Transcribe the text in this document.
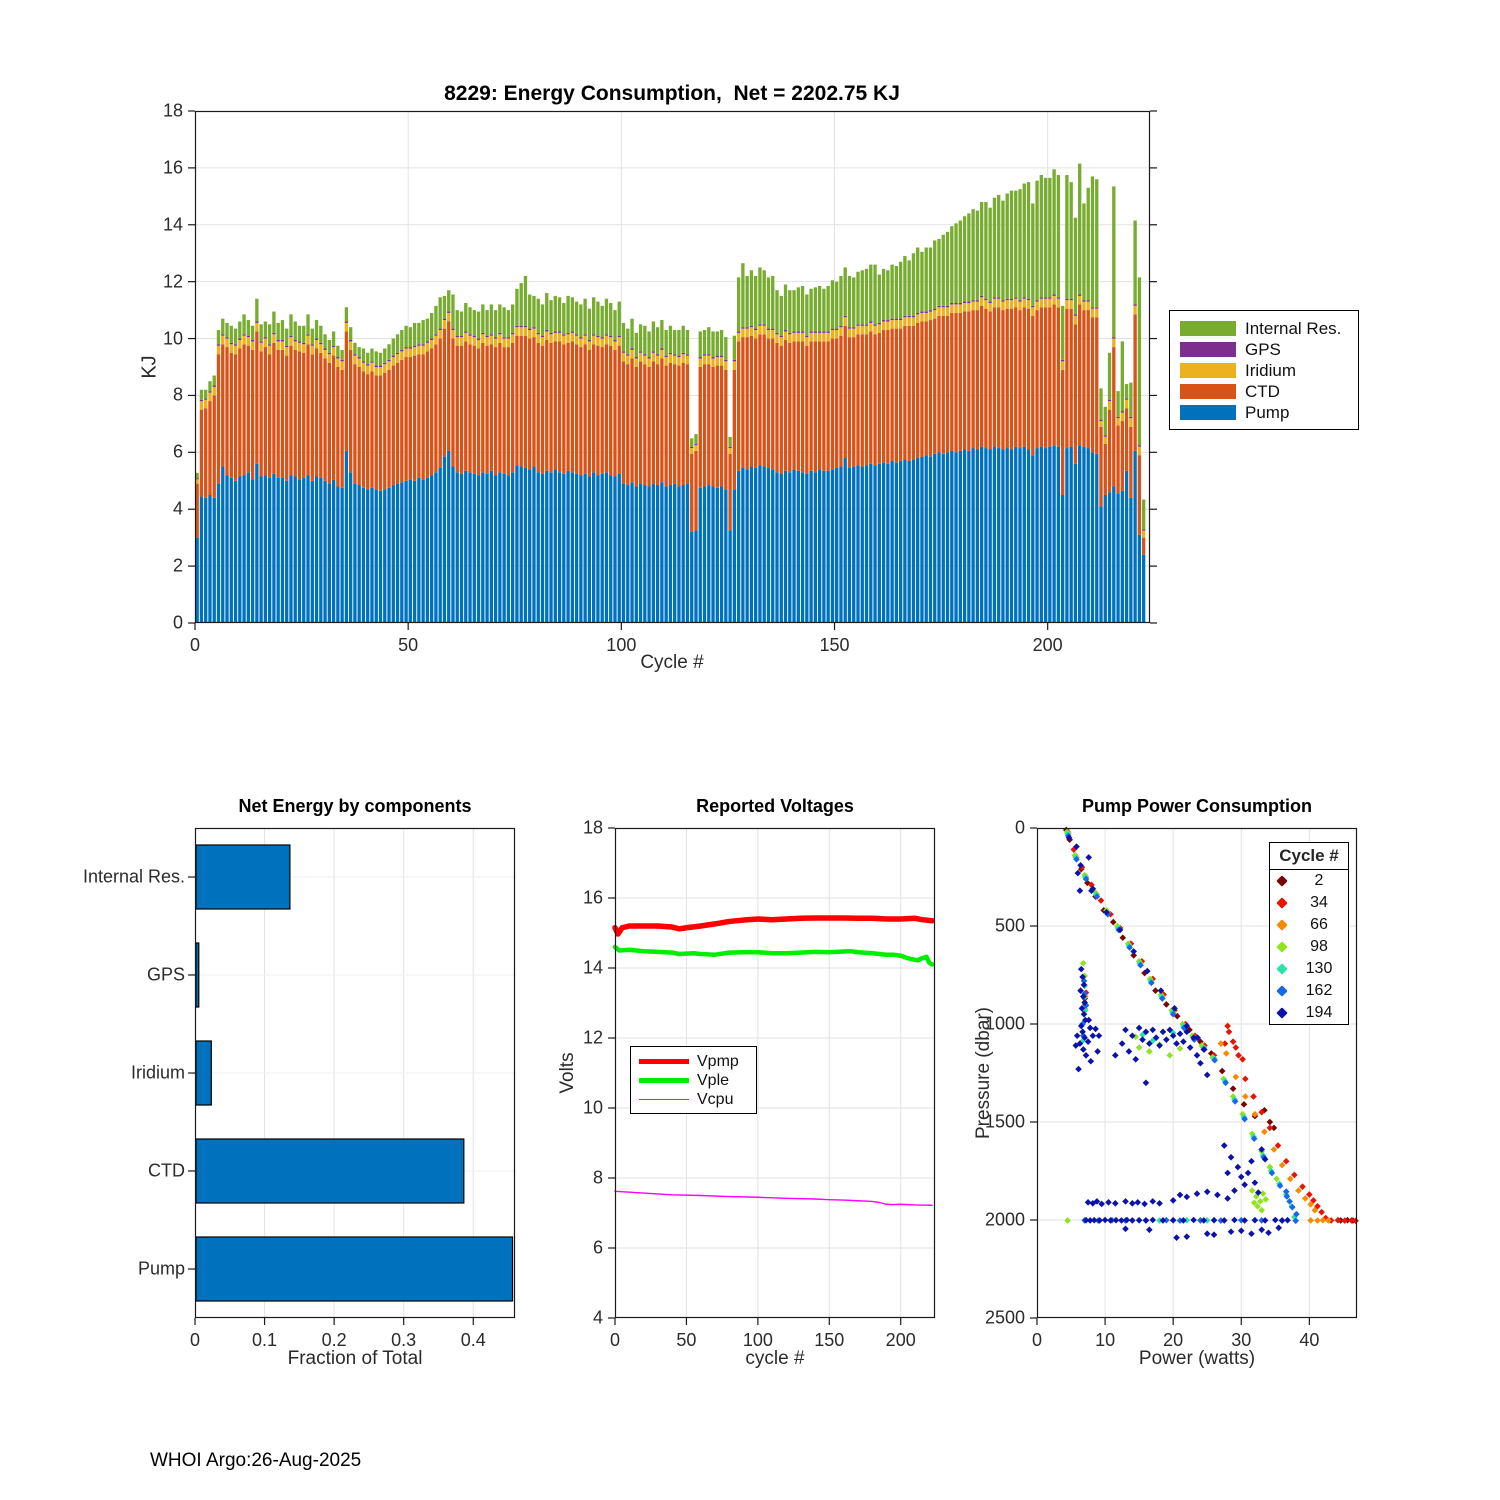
8229: Energy Consumption,  Net = 2202.75 KJ
KJ
Cycle #
Internal Res.
GPS
Iridium
CTD
Pump
Net Energy by components
Fraction of Total
Reported Voltages
Volts
cycle #
Vpmp
Vple
Vcpu
Pump Power Consumption
Pressure (dbar)
Power (watts)
Cycle #
2
34
66
98
130
162
194
WHOI Argo:26-Aug-2025
0	50	100	150	200
0
2
4
6
8
10
12
14
16
18
Internal Res.
GPS
Iridium
CTD
Pump
0	0.1 0.2 0.3 0.4	0	50	100 150 200
4
6
8
10
12
14
16
18
0	10	20	30	40
0
500
1000
1500
2000
2500
